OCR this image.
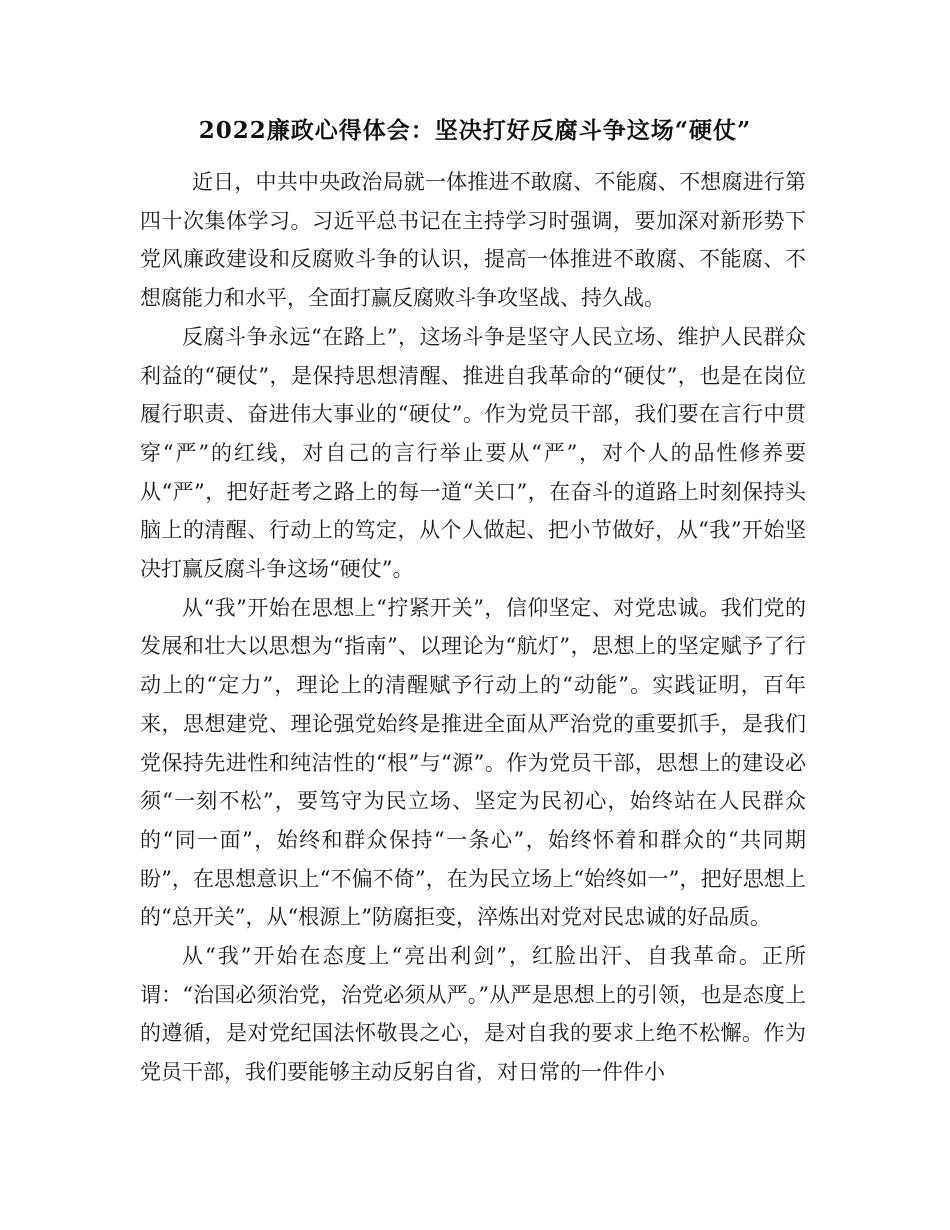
2022廉政心得体会：坚决打好反腐斗争这场“硬仗”

近日，中共中央政治局就一体推进不敢腐、不能腐、不想腐进行第四十次集体学习。习近平总书记在主持学习时强调，要加深对新形势下党风廉政建设和反腐败斗争的认识，提高一体推进不敢腐、不能腐、不想腐能力和水平，全面打赢反腐败斗争攻坚战、持久战。

反腐斗争永远“在路上”，这场斗争是坚守人民立场、维护人民群众利益的“硬仗”，是保持思想清醒、推进自我革命的“硬仗”，也是在岗位履行职责、奋进伟大事业的“硬仗”。作为党员干部，我们要在言行中贯穿“严”的红线，对自己的言行举止要从“严”，对个人的品性修养要从“严”，把好赶考之路上的每一道“关口”，在奋斗的道路上时刻保持头脑上的清醒、行动上的笃定，从个人做起、把小节做好，从“我”开始坚决打赢反腐斗争这场“硬仗”。

从“我”开始在思想上“拧紧开关”，信仰坚定、对党忠诚。我们党的发展和壮大以思想为“指南”、以理论为“航灯”，思想上的坚定赋予了行动上的“定力”，理论上的清醒赋予行动上的“动能”。实践证明，百年来，思想建党、理论强党始终是推进全面从严治党的重要抓手，是我们党保持先进性和纯洁性的“根”与“源”。作为党员干部，思想上的建设必须“一刻不松”，要笃守为民立场、坚定为民初心，始终站在人民群众的“同一面”，始终和群众保持“一条心”，始终怀着和群众的“共同期盼”，在思想意识上“不偏不倚”，在为民立场上“始终如一”，把好思想上的“总开关”，从“根源上”防腐拒变，淬炼出对党对民忠诚的好品质。

从“我”开始在态度上“亮出利剑”，红脸出汗、自我革命。正所谓：“治国必须治党，治党必须从严。”从严是思想上的引领，也是态度上的遵循，是对党纪国法怀敬畏之心，是对自我的要求上绝不松懈。作为党员干部，我们要能够主动反躬自省，对日常的一件件小
